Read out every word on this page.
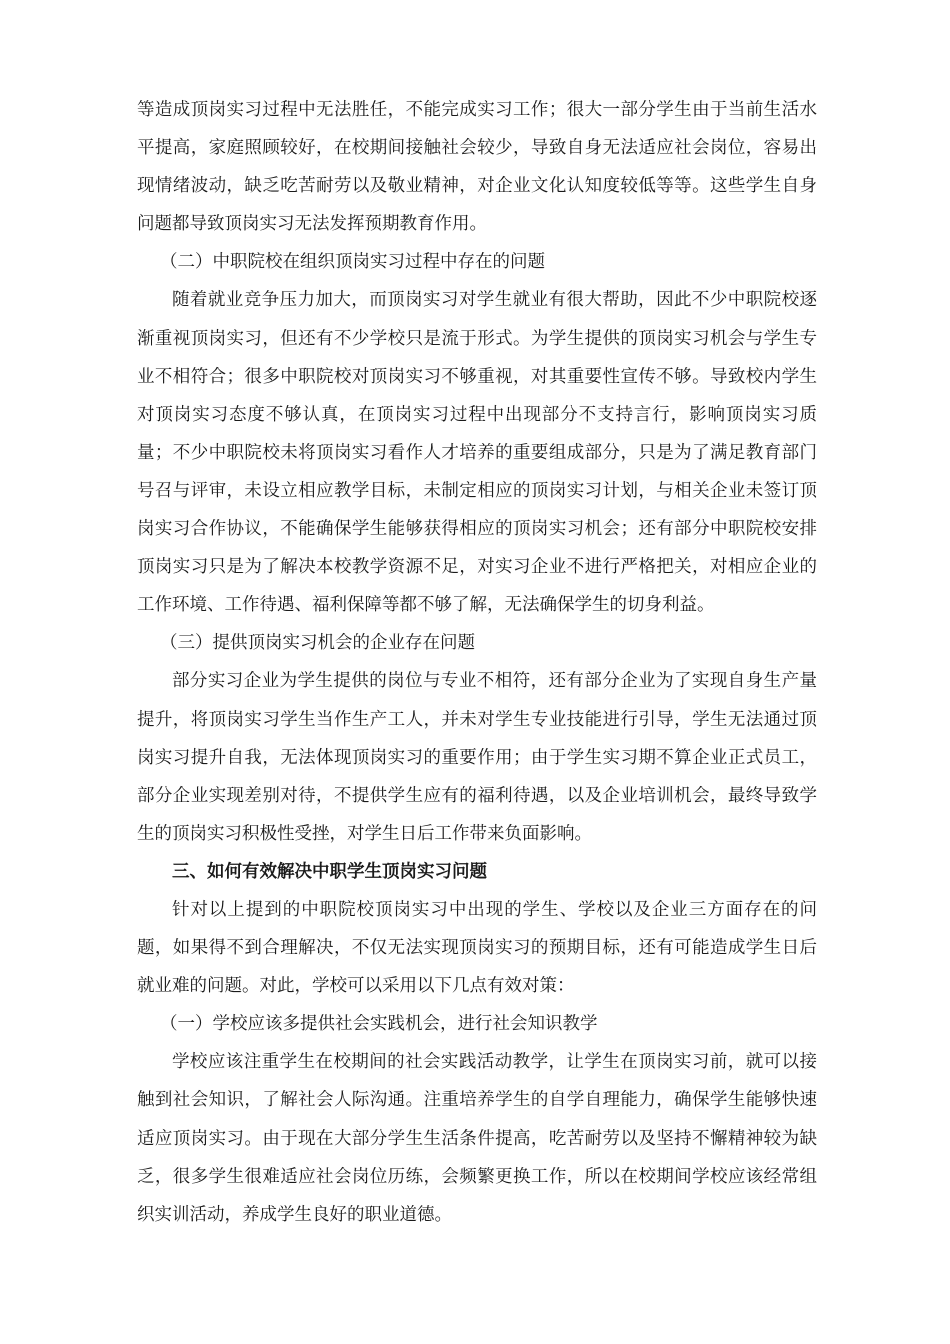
等造成顶岗实习过程中无法胜任，不能完成实习工作；很大一部分学生由于当前生活水平提高，家庭照顾较好，在校期间接触社会较少，导致自身无法适应社会岗位，容易出现情绪波动，缺乏吃苦耐劳以及敬业精神，对企业文化认知度较低等等。这些学生自身问题都导致顶岗实习无法发挥预期教育作用。

（二）中职院校在组织顶岗实习过程中存在的问题

随着就业竞争压力加大，而顶岗实习对学生就业有很大帮助，因此不少中职院校逐渐重视顶岗实习，但还有不少学校只是流于形式。为学生提供的顶岗实习机会与学生专业不相符合；很多中职院校对顶岗实习不够重视，对其重要性宣传不够。导致校内学生对顶岗实习态度不够认真，在顶岗实习过程中出现部分不支持言行，影响顶岗实习质量；不少中职院校未将顶岗实习看作人才培养的重要组成部分，只是为了满足教育部门号召与评审，未设立相应教学目标，未制定相应的顶岗实习计划，与相关企业未签订顶岗实习合作协议，不能确保学生能够获得相应的顶岗实习机会；还有部分中职院校安排顶岗实习只是为了解决本校教学资源不足，对实习企业不进行严格把关，对相应企业的工作环境、工作待遇、福利保障等都不够了解，无法确保学生的切身利益。

（三）提供顶岗实习机会的企业存在问题

部分实习企业为学生提供的岗位与专业不相符，还有部分企业为了实现自身生产量提升，将顶岗实习学生当作生产工人，并未对学生专业技能进行引导，学生无法通过顶岗实习提升自我，无法体现顶岗实习的重要作用；由于学生实习期不算企业正式员工，部分企业实现差别对待，不提供学生应有的福利待遇，以及企业培训机会，最终导致学生的顶岗实习积极性受挫，对学生日后工作带来负面影响。

三、如何有效解决中职学生顶岗实习问题

针对以上提到的中职院校顶岗实习中出现的学生、学校以及企业三方面存在的问题，如果得不到合理解决，不仅无法实现顶岗实习的预期目标，还有可能造成学生日后就业难的问题。对此，学校可以采用以下几点有效对策：

（一）学校应该多提供社会实践机会，进行社会知识教学

学校应该注重学生在校期间的社会实践活动教学，让学生在顶岗实习前，就可以接触到社会知识，了解社会人际沟通。注重培养学生的自学自理能力，确保学生能够快速适应顶岗实习。由于现在大部分学生生活条件提高，吃苦耐劳以及坚持不懈精神较为缺乏，很多学生很难适应社会岗位历练，会频繁更换工作，所以在校期间学校应该经常组织实训活动，养成学生良好的职业道德。
